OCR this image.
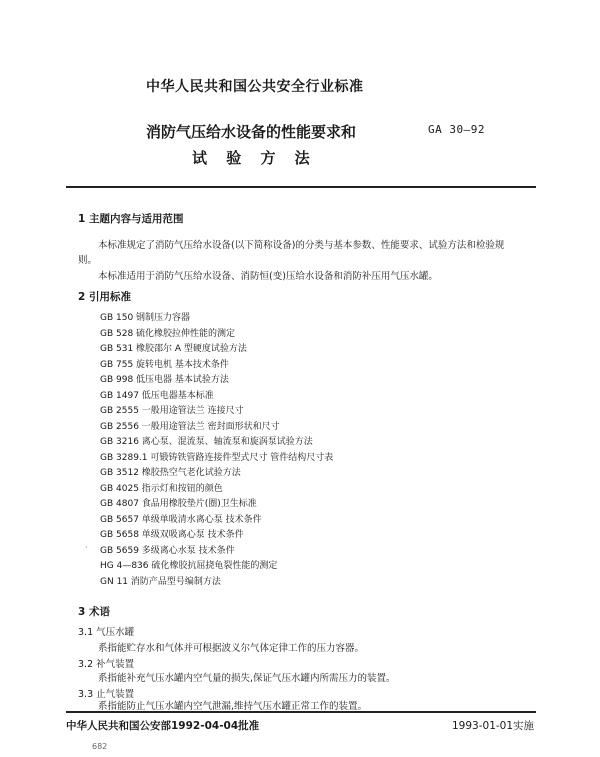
中华人民共和国公共安全行业标准
消防气压给水设备的性能要求和
试 验 方 法
GA 30—92
1 主题内容与适用范围
本标准规定了消防气压给水设备(以下简称设备)的分类与基本参数、性能要求、试验方法和检验规
则。
本标准适用于消防气压给水设备、消防恒(变)压给水设备和消防补压用气压水罐。
2 引用标准
GB 150 钢制压力容器
GB 528 硫化橡胶拉伸性能的测定
GB 531 橡胶邵尔 A 型硬度试验方法
GB 755 旋转电机 基本技术条件
GB 998 低压电器 基本试验方法
GB 1497 低压电器基本标准
GB 2555 一般用途管法兰 连接尺寸
GB 2556 一般用途管法兰 密封面形状和尺寸
GB 3216 离心泵、混流泵、轴流泵和旋涡泵试验方法
GB 3289.1 可锻铸铁管路连接件型式尺寸 管件结构尺寸表
GB 3512 橡胶热空气老化试验方法
GB 4025 指示灯和按钮的颜色
GB 4807 食品用橡胶垫片(圈)卫生标准
GB 5657 单级单吸清水离心泵 技术条件
GB 5658 单级双吸离心泵 技术条件
GB 5659 多级离心水泵 技术条件
HG 4—836 硫化橡胶抗屈挠龟裂性能的测定
GN 11 消防产品型号编制方法
·
3 术语
3.1 气压水罐
系指能贮存水和气体并可根据波义尔气体定律工作的压力容器。
3.2 补气装置
系指能补充气压水罐内空气量的损失,保证气压水罐内所需压力的装置。
3.3 止气装置
中华人民共和国公安部1992-04-04批准	1993-01-01实施
682
系指能防止气压水罐内空气泄漏,维持气压水罐正常工作的装置。
